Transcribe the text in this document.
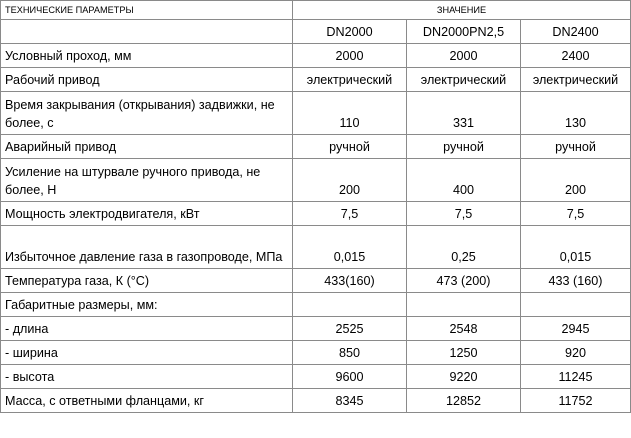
ТЕХНИЧЕСКИЕ ПАРАМЕТРЫ	ЗНАЧЕНИЕ		
	DN2000	DN2000PN2,5	DN2400
Условный проход, мм	2000	2000	2400
Рабочий привод	электрический	электрический	электрический
Время закрывания (открывания) задвижки, не более, с	110	331	130
Аварийный привод	ручной	ручной	ручной
Усиление на штурвале ручного привода, не более, Н	200	400	200
Мощность электродвигателя, кВт	7,5	7,5	7,5
Избыточное давление газа в газопроводе, МПа	0,015	0,25	0,015
Температура газа, К (°С)	433(160)	473 (200)	433 (160)
Габаритные размеры, мм:			
- длина	2525	2548	2945
- ширина	850	1250	920
- высота	9600	9220	11245
Масса, с ответными фланцами, кг	8345	12852	11752
